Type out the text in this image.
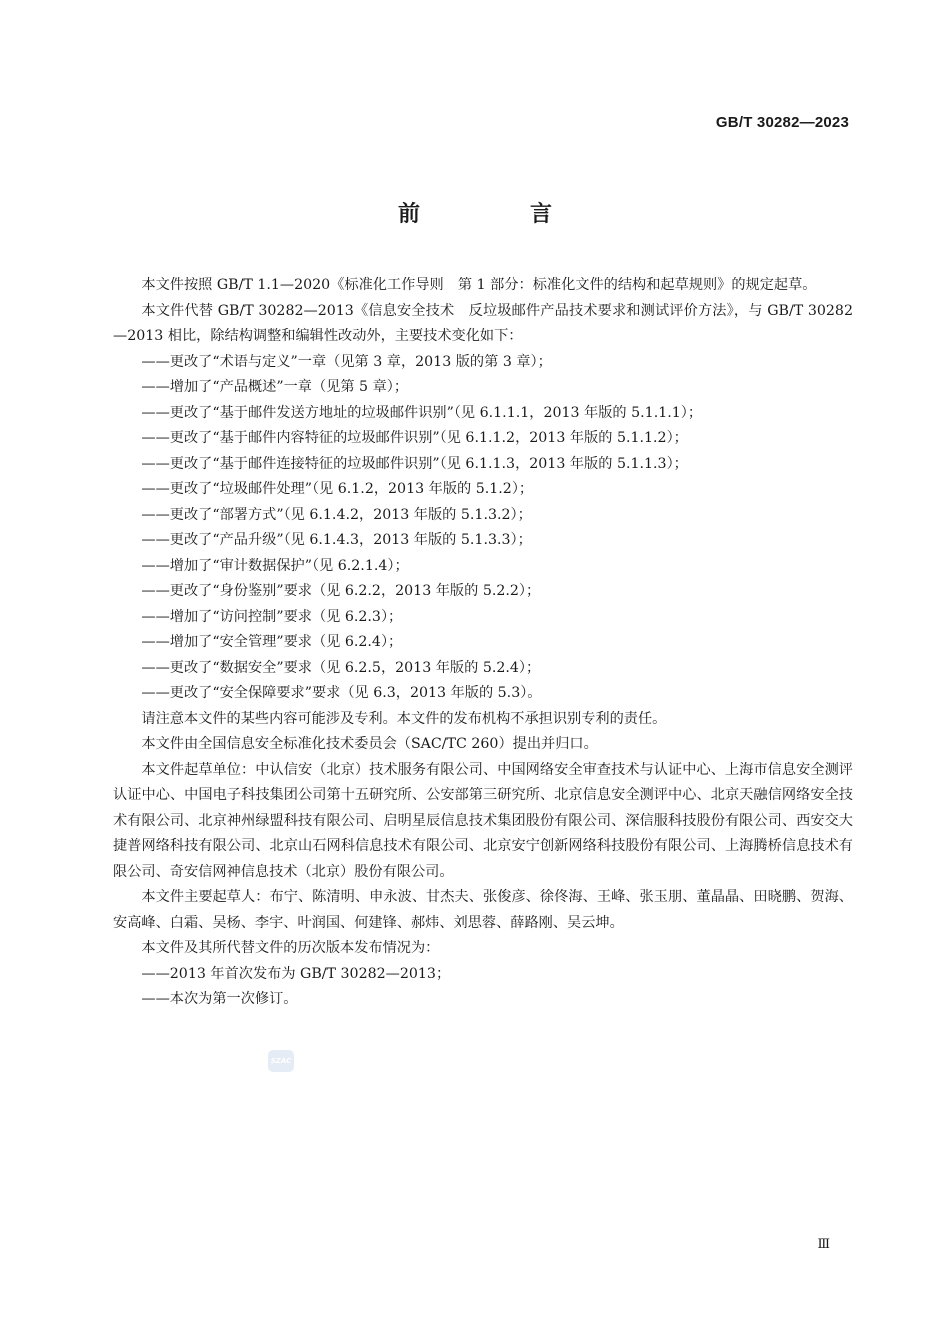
GB/T 30282—2023
前　言

本文件按照 GB/T 1.1—2020《标准化工作导则　第 1 部分：标准化文件的结构和起草规则》的规定起草。

本文件代替 GB/T 30282—2013《信息安全技术　反垃圾邮件产品技术要求和测试评价方法》，与 GB/T 30282—2013 相比，除结构调整和编辑性改动外，主要技术变化如下：

——更改了“术语与定义”一章（见第 3 章，2013 版的第 3 章）；

——增加了“产品概述”一章（见第 5 章）；

——更改了“基于邮件发送方地址的垃圾邮件识别”（见 6.1.1.1，2013 年版的 5.1.1.1）；

——更改了“基于邮件内容特征的垃圾邮件识别”（见 6.1.1.2，2013 年版的 5.1.1.2）；

——更改了“基于邮件连接特征的垃圾邮件识别”（见 6.1.1.3，2013 年版的 5.1.1.3）；

——更改了“垃圾邮件处理”（见 6.1.2，2013 年版的 5.1.2）；

——更改了“部署方式”（见 6.1.4.2，2013 年版的 5.1.3.2）；

——更改了“产品升级”（见 6.1.4.3，2013 年版的 5.1.3.3）；

——增加了“审计数据保护”（见 6.2.1.4）；

——更改了“身份鉴别”要求（见 6.2.2，2013 年版的 5.2.2）；

——增加了“访问控制”要求（见 6.2.3）；

——增加了“安全管理”要求（见 6.2.4）；

——更改了“数据安全”要求（见 6.2.5，2013 年版的 5.2.4）；

——更改了“安全保障要求”要求（见 6.3，2013 年版的 5.3）。

请注意本文件的某些内容可能涉及专利。本文件的发布机构不承担识别专利的责任。

本文件由全国信息安全标准化技术委员会（SAC/TC 260）提出并归口。

本文件起草单位：中认信安（北京）技术服务有限公司、中国网络安全审查技术与认证中心、上海市信息安全测评认证中心、中国电子科技集团公司第十五研究所、公安部第三研究所、北京信息安全测评中心、北京天融信网络安全技术有限公司、北京神州绿盟科技有限公司、启明星辰信息技术集团股份有限公司、深信服科技股份有限公司、西安交大捷普网络科技有限公司、北京山石网科信息技术有限公司、北京安宁创新网络科技股份有限公司、上海腾桥信息技术有限公司、奇安信网神信息技术（北京）股份有限公司。

本文件主要起草人：布宁、陈清明、申永波、甘杰夫、张俊彦、徐佟海、王峰、张玉朋、董晶晶、田晓鹏、贺海、安高峰、白霜、吴杨、李宇、叶润国、何建锋、郝炜、刘思蓉、薛路刚、吴云坤。

本文件及其所代替文件的历次版本发布情况为：

——2013 年首次发布为 GB/T 30282—2013；

——本次为第一次修订。

SZAC
Ⅲ
